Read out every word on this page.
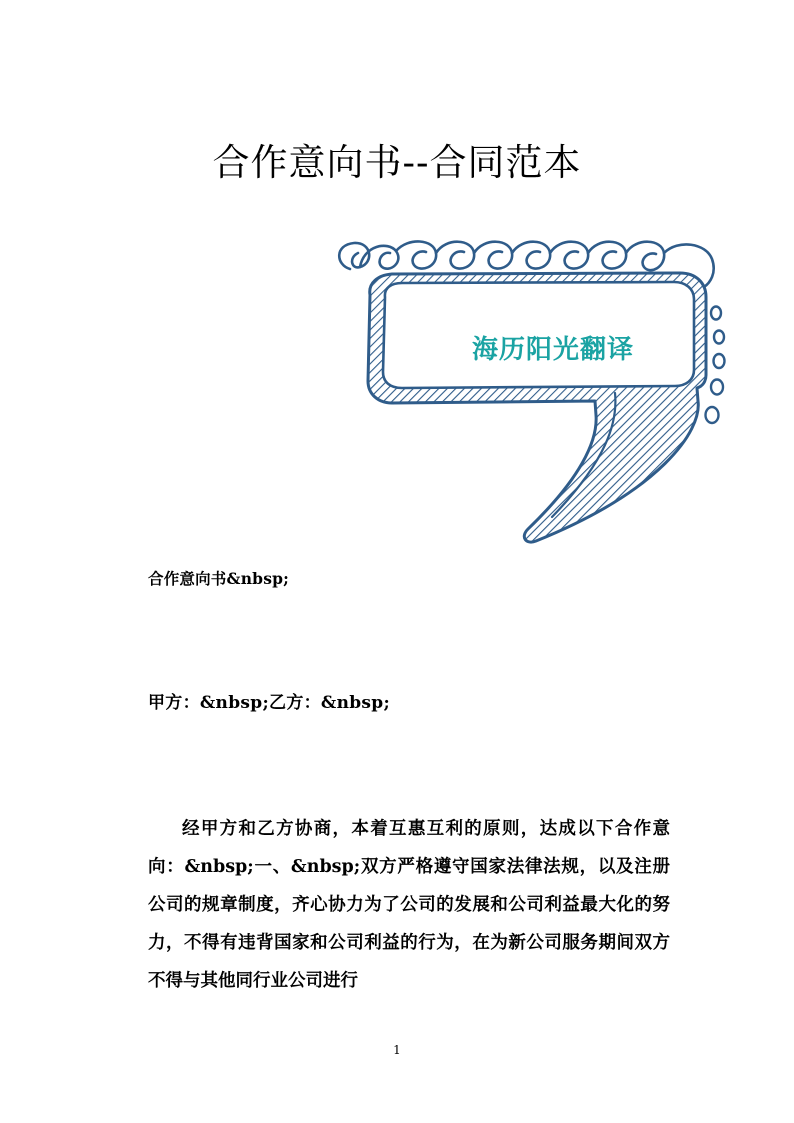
合作意向书--合同范本
海历阳光翻译
合作意向书&nbsp;
甲方：&nbsp;乙方：&nbsp;
经甲方和乙方协商，本着互惠互利的原则，达成以下合作意向：&nbsp;一、&nbsp;双方严格遵守国家法律法规，以及注册公司的规章制度，齐心协力为了公司的发展和公司利益最大化的努力，不得有违背国家和公司利益的行为，在为新公司服务期间双方不得与其他同行业公司进行
1
